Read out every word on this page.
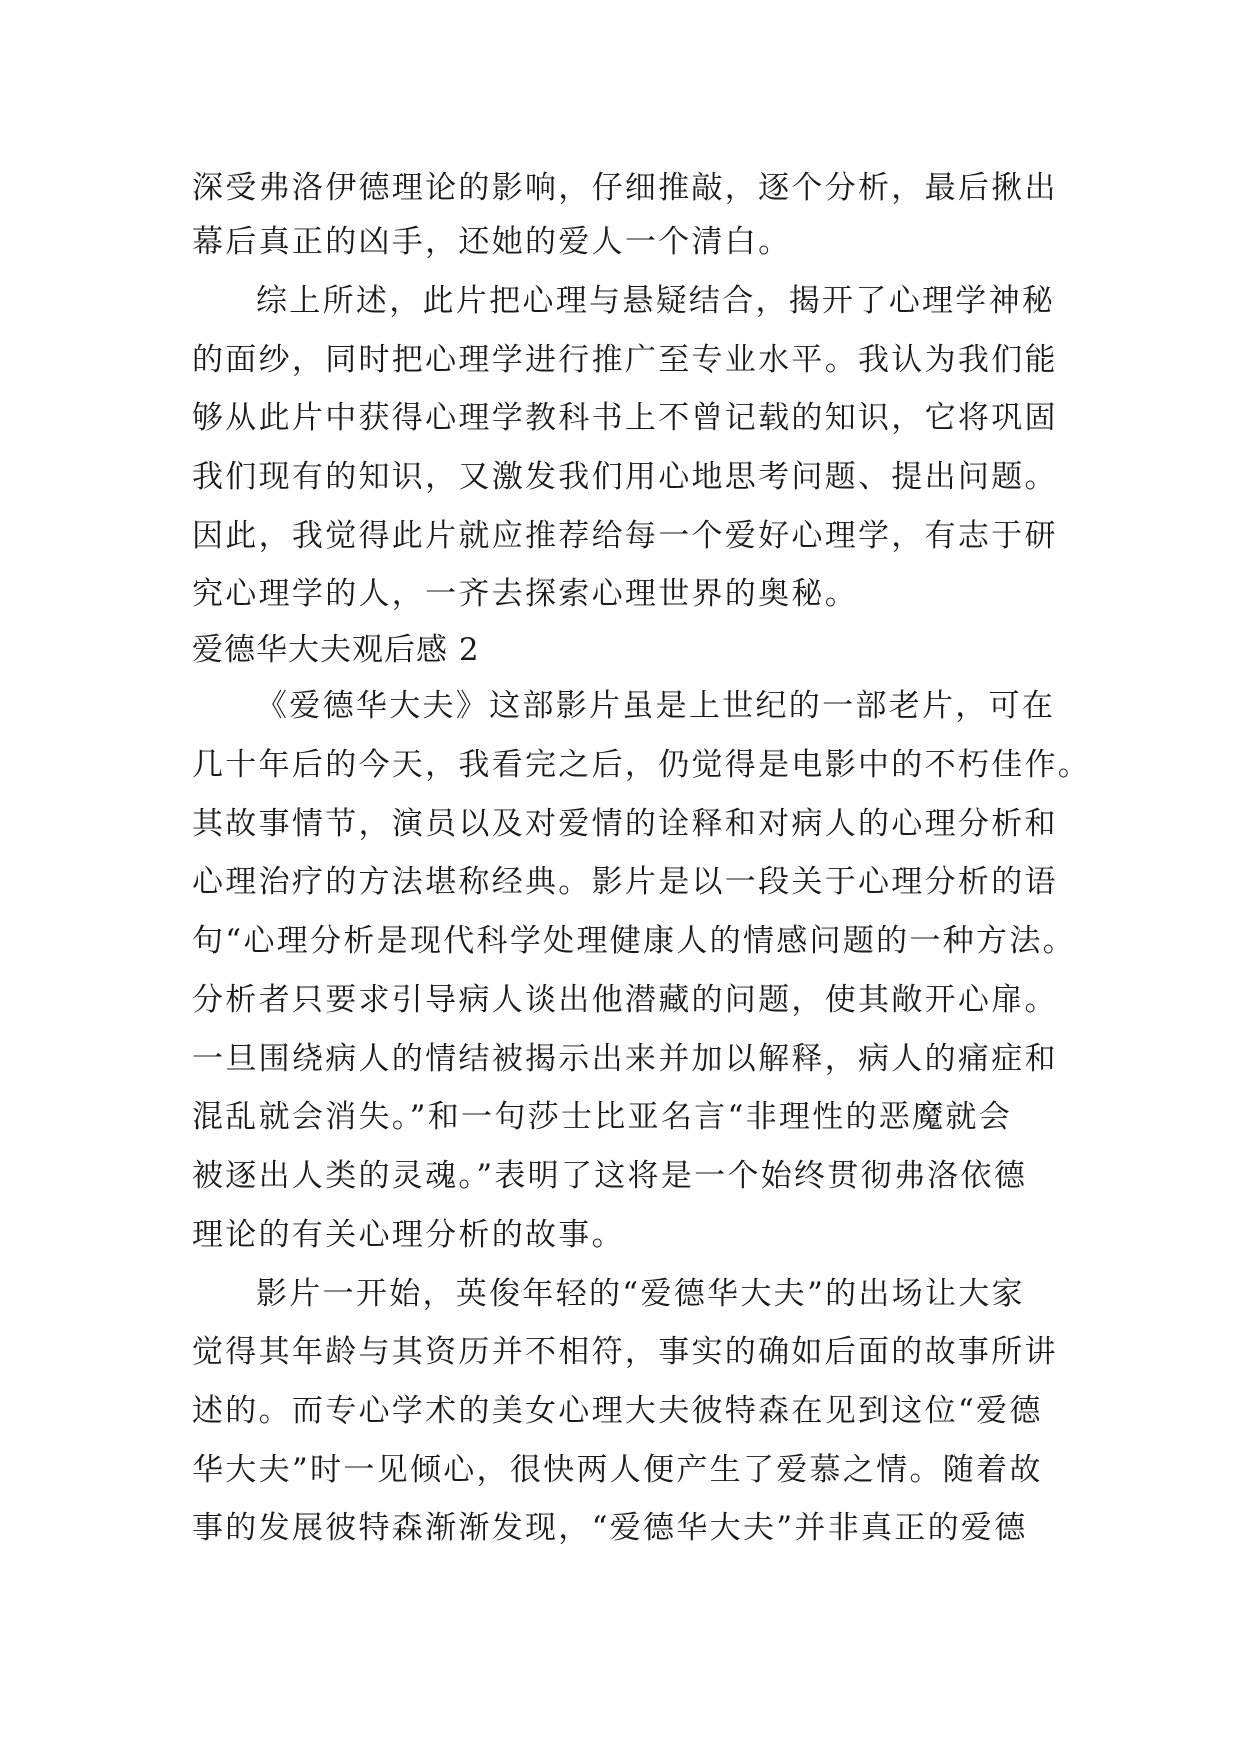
深受弗洛伊德理论的影响，仔细推敲，逐个分析，最后揪出
幕后真正的凶手，还她的爱人一个清白。
综上所述，此片把心理与悬疑结合，揭开了心理学神秘
的面纱，同时把心理学进行推广至专业水平。我认为我们能
够从此片中获得心理学教科书上不曾记载的知识，它将巩固
我们现有的知识，又激发我们用心地思考问题、提出问题。
因此，我觉得此片就应推荐给每一个爱好心理学，有志于研
究心理学的人，一齐去探索心理世界的奥秘。
爱德华大夫观后感 2
《爱德华大夫》这部影片虽是上世纪的一部老片，可在
几十年后的今天，我看完之后，仍觉得是电影中的不朽佳作。
其故事情节，演员以及对爱情的诠释和对病人的心理分析和
心理治疗的方法堪称经典。影片是以一段关于心理分析的语
句“心理分析是现代科学处理健康人的情感问题的一种方法。
分析者只要求引导病人谈出他潜藏的问题，使其敞开心扉。
一旦围绕病人的情结被揭示出来并加以解释，病人的痛症和
混乱就会消失。”和一句莎士比亚名言“非理性的恶魔就会
被逐出人类的灵魂。”表明了这将是一个始终贯彻弗洛依德
理论的有关心理分析的故事。
影片一开始，英俊年轻的“爱德华大夫”的出场让大家
觉得其年龄与其资历并不相符，事实的确如后面的故事所讲
述的。而专心学术的美女心理大夫彼特森在见到这位“爱德
华大夫”时一见倾心，很快两人便产生了爱慕之情。随着故
事的发展彼特森渐渐发现，“爱德华大夫”并非真正的爱德
